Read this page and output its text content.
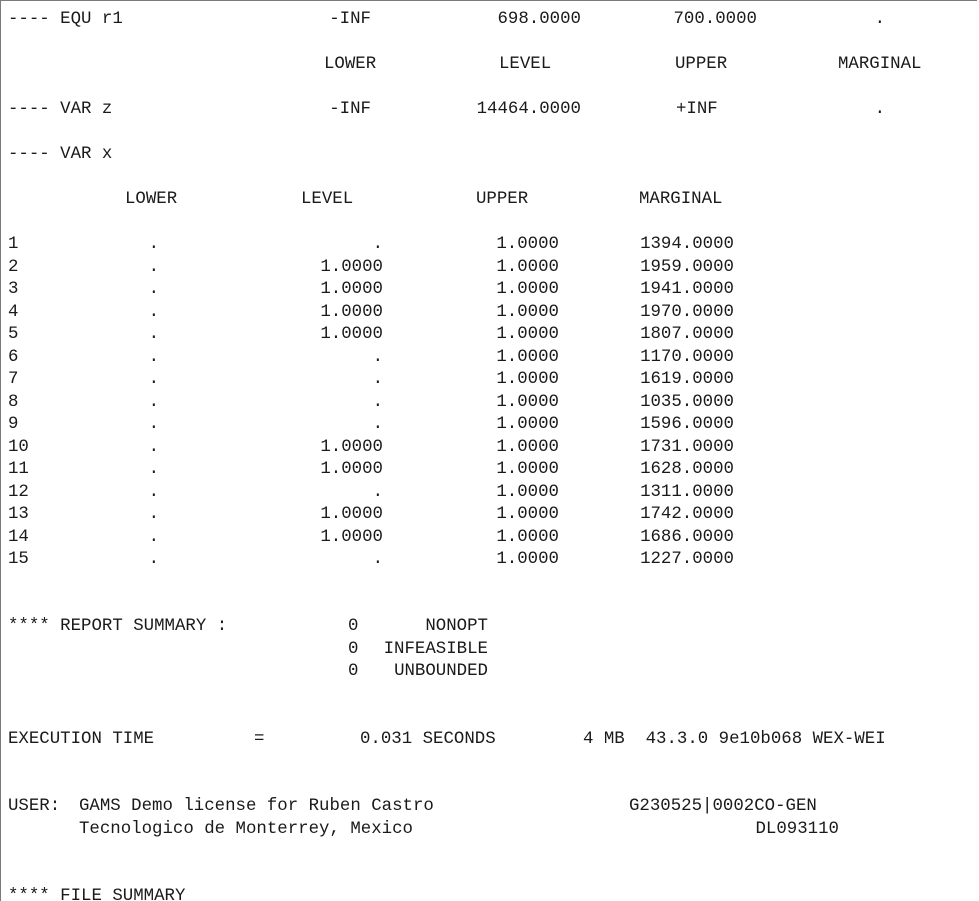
---- EQU r1	-INF	698.0000	700.0000	.
LOWER	LEVEL	UPPER	MARGINAL
---- VAR z	-INF	14464.0000	+INF	.
---- VAR x
LOWER	LEVEL	UPPER	MARGINAL
1	.	.	1.0000	1394.0000
2	.	1.0000	1.0000	1959.0000
3	.	1.0000	1.0000	1941.0000
4	.	1.0000	1.0000	1970.0000
5	.	1.0000	1.0000	1807.0000
6	.	.	1.0000	1170.0000
7	.	.	1.0000	1619.0000
8	.	.	1.0000	1035.0000
9	.	.	1.0000	1596.0000
10	.	1.0000	1.0000	1731.0000
11	.	1.0000	1.0000	1628.0000
12	.	.	1.0000	1311.0000
13	.	1.0000	1.0000	1742.0000
14	.	1.0000	1.0000	1686.0000
15	.	.	1.0000	1227.0000
**** REPORT SUMMARY :	0	NONOPT
0	INFEASIBLE
0	UNBOUNDED
EXECUTION TIME	=	0.031 SECONDS	4 MB  43.3.0 9e10b068 WEX-WEI
USER: GAMS Demo license for Ruben Castro
Tecnologico de Monterrey, Mexico
G230525|0002CO-GEN
DL093110
**** FILE SUMMARY
